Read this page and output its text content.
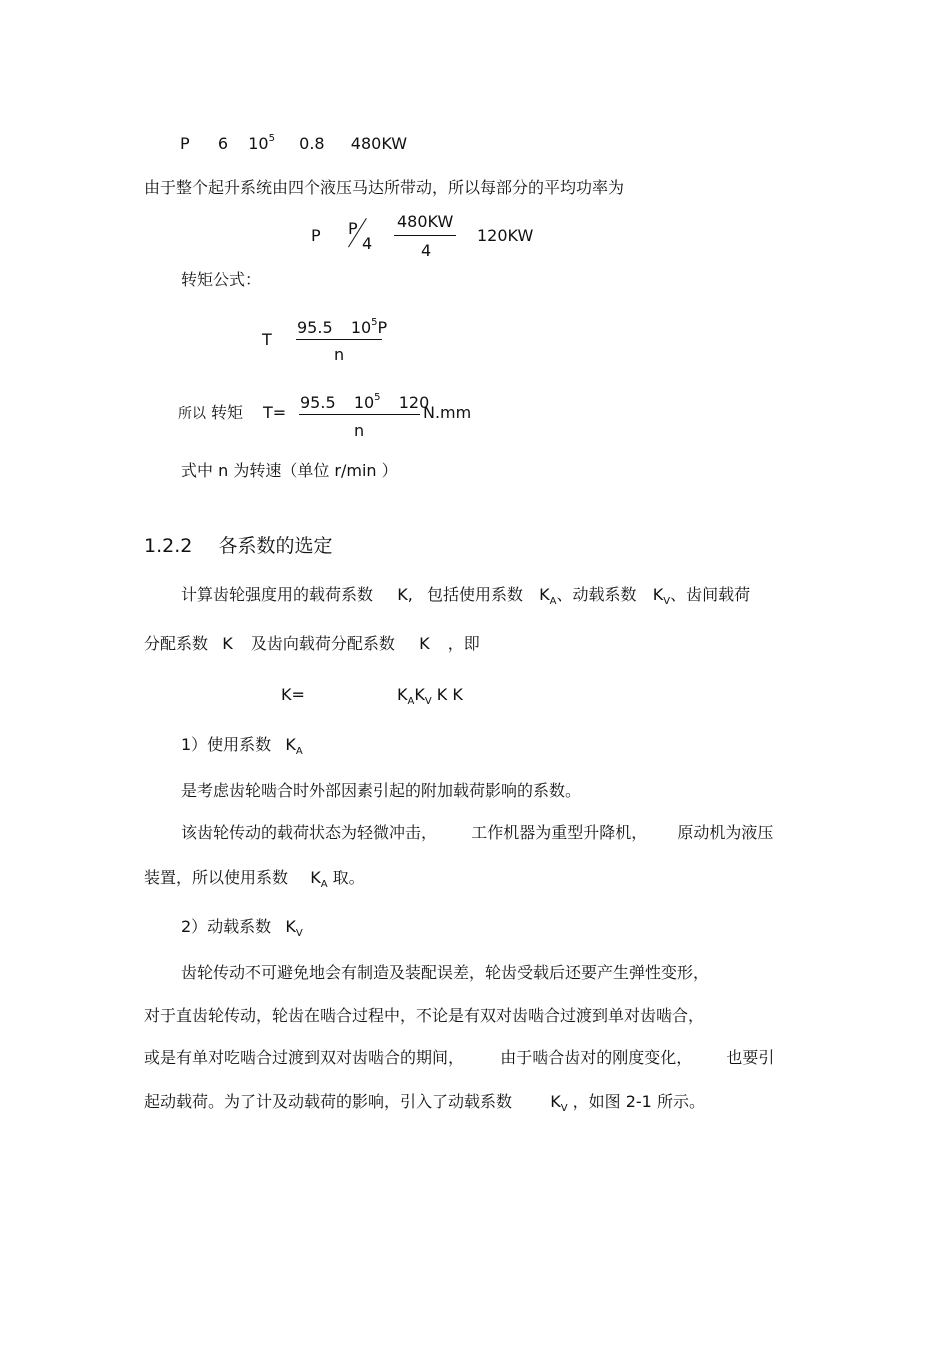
P 6 $10^5$ 0.8 480KW
由于整个起升系统由四个液压马达所带动，所以每部分的平均功率为
P P
4
480KW
4
120KW
转矩公式：
T
95.5 $10^5P$
n
所以 转矩 T=
95.5 $10^5$ 120
n
N.mm
式中 n 为转速（单位 r/min ）
1.2.2 各系数的选定
计算齿轮强度用的载荷系数 K, 包括使用系数 $K_A$、动载系数 $K_V$、齿间载荷
分配系数 K 及齿向载荷分配系数 K ，即
K=	$K_AK_V$ K K
1）使用系数 $K_A$
是考虑齿轮啮合时外部因素引起的附加载荷影响的系数。
该齿轮传动的载荷状态为轻微冲击， 工作机器为重型升降机， 原动机为液压
装置，所以使用系数 $K_A$ 取。
2）动载系数 $K_V$
齿轮传动不可避免地会有制造及装配误差，轮齿受载后还要产生弹性变形，
对于直齿轮传动，轮齿在啮合过程中，不论是有双对齿啮合过渡到单对齿啮合，
或是有单对吃啮合过渡到双对齿啮合的期间， 由于啮合齿对的刚度变化， 也要引
起动载荷。为了计及动载荷的影响，引入了动载系数 $K_V$ ，如图 2-1 所示。
